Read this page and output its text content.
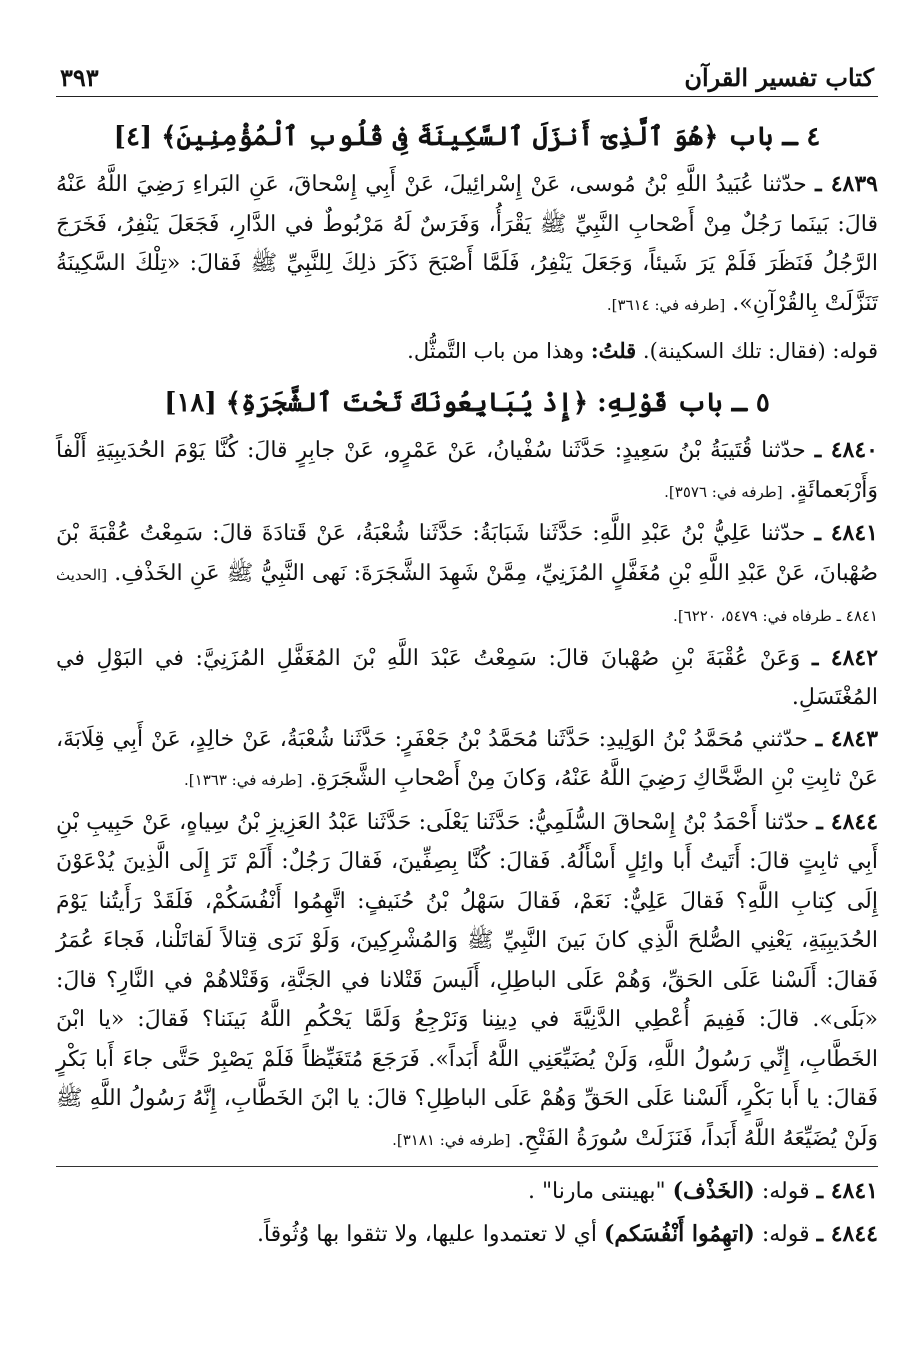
كتاب تفسير القرآن
٣٩٣
٤ ـ باب ﴿هُوَ ٱلَّذِىٓ أَنزَلَ ٱلسَّكِينَةَ فِى قُلُوبِ ٱلْمُؤْمِنِينَ﴾ [٤]

٤٨٣٩ ـ حدّثنا عُبَيدُ اللَّهِ بْنُ مُوسى، عَنْ إِسْرائِيلَ، عَنْ أَبِي إِسْحاقَ، عَنِ البَراءِ رَضِيَ اللَّهُ عَنْهُ قالَ: بَينَما رَجُلٌ مِنْ أَصْحابِ النَّبِيِّ ﷺ يَقْرَأُ، وَفَرَسٌ لَهُ مَرْبُوطٌ في الدَّارِ، فَجَعَلَ يَنْفِرُ، فَخَرَجَ الرَّجُلُ فَنَظَرَ فَلَمْ يَرَ شَيئاً، وَجَعَلَ يَنْفِرُ، فَلَمَّا أَصْبَحَ ذَكَرَ ذلِكَ لِلنَّبِيِّ ﷺ فَقالَ: «تِلْكَ السَّكِينَةُ تَنَزَّلَتْ بِالقُرْآنِ». [طرفه في: ٣٦١٤].

قوله: (فقال: تلك السكينة). قلتُ: وهذا من باب التَّمثُّل.

٥ ـ باب قَوْلِهِ: ﴿إِذْ يُبَايِعُونَكَ تَحْتَ ٱلشَّجَرَةِ﴾ [١٨]

٤٨٤٠ ـ حدّثنا قُتَيبَةُ بْنُ سَعِيدٍ: حَدَّثَنا سُفْيانُ، عَنْ عَمْرٍو، عَنْ جابِرٍ قالَ: كُنَّا يَوْمَ الحُدَيبِيَةِ أَلْفاً وَأَرْبَعمائَةٍ. [طرفه في: ٣٥٧٦].

٤٨٤١ ـ حدّثنا عَلِيُّ بْنُ عَبْدِ اللَّهِ: حَدَّثَنا شَبَابَةُ: حَدَّثَنا شُعْبَةُ، عَنْ قَتادَةَ قالَ: سَمِعْتُ عُقْبَةَ بْنَ صُهْبانَ، عَنْ عَبْدِ اللَّهِ بْنِ مُغَفَّلٍ المُزَنِيِّ، مِمَّنْ شَهِدَ الشَّجَرَةَ: نَهى النَّبِيُّ ﷺ عَنِ الخَذْفِ. [الحديث ٤٨٤١ ـ طرفاه في: ٥٤٧٩، ٦٢٢٠].

٤٨٤٢ ـ وَعَنْ عُقْبَةَ بْنِ صُهْبانَ قالَ: سَمِعْتُ عَبْدَ اللَّهِ بْنَ المُغَفَّلِ المُزَنِيَّ: في البَوْلِ في المُغْتَسَلِ.

٤٨٤٣ ـ حدّثني مُحَمَّدُ بْنُ الوَلِيدِ: حَدَّثَنا مُحَمَّدُ بْنُ جَعْفَرٍ: حَدَّثَنا شُعْبَةُ، عَنْ خالِدٍ، عَنْ أَبِي قِلَابَةَ، عَنْ ثابِتِ بْنِ الضَّحَّاكِ رَضِيَ اللَّهُ عَنْهُ، وَكانَ مِنْ أَصْحابِ الشَّجَرَةِ. [طرفه في: ١٣٦٣].

٤٨٤٤ ـ حدّثنا أَحْمَدُ بْنُ إِسْحاقَ السُّلَمِيُّ: حَدَّثَنا يَعْلَى: حَدَّثَنا عَبْدُ العَزِيزِ بْنُ سِياهٍ، عَنْ حَبِيبِ بْنِ أَبِي ثابِتٍ قالَ: أَتَيتُ أَبا وائِلٍ أَسْأَلُهُ. فَقالَ: كُنَّا بِصِفِّينَ، فَقالَ رَجُلٌ: أَلَمْ تَرَ إِلَى الَّذِينَ يُدْعَوْنَ إِلَى كِتابِ اللَّهِ؟ فَقالَ عَلِيٌّ: نَعَمْ، فَقالَ سَهْلُ بْنُ حُنَيفٍ: اتَّهِمُوا أَنْفُسَكُمْ، فَلَقَدْ رَأَيتُنا يَوْمَ الحُدَيبِيَةِ، يَعْنِي الصُّلحَ الَّذِي كانَ بَينَ النَّبِيِّ ﷺ وَالمُشْرِكِينَ، وَلَوْ نَرَى قِتالاً لَقاتَلْنا، فَجاءَ عُمَرُ فَقالَ: أَلَسْنا عَلَى الحَقِّ، وَهُمْ عَلَى الباطِلِ، أَلَيسَ قَتْلانا في الجَنَّةِ، وَقَتْلاهُمْ في النَّارِ؟ قالَ: «بَلَى». قالَ: فَفِيمَ أُعْطِي الدَّنِيَّةَ في دِينِنا وَنَرْجِعُ وَلَمَّا يَحْكُمِ اللَّهُ بَينَنا؟ فَقالَ: «يا ابْنَ الخَطَّابِ، إِنِّي رَسُولُ اللَّهِ، وَلَنْ يُضَيِّعَنِي اللَّهُ أَبَداً». فَرَجَعَ مُتَغَيِّظاً فَلَمْ يَصْبِرْ حَتَّى جاءَ أَبا بَكْرٍ فَقالَ: يا أَبا بَكْرٍ، أَلَسْنا عَلَى الحَقِّ وَهُمْ عَلَى الباطِلِ؟ قالَ: يا ابْنَ الخَطَّابِ، إِنَّهُ رَسُولُ اللَّهِ ﷺ وَلَنْ يُضَيِّعَهُ اللَّهُ أَبَداً، فَنَزَلَتْ سُورَةُ الفَتْحِ. [طرفه في: ٣١٨١].

٤٨٤١ ـ قوله: (الخَذْف) "بهينتى مارنا" .

٤٨٤٤ ـ قوله: (اتهِمُوا أَنْفُسَكم) أي لا تعتمدوا عليها، ولا تثقوا بها وُثُوقاً.
